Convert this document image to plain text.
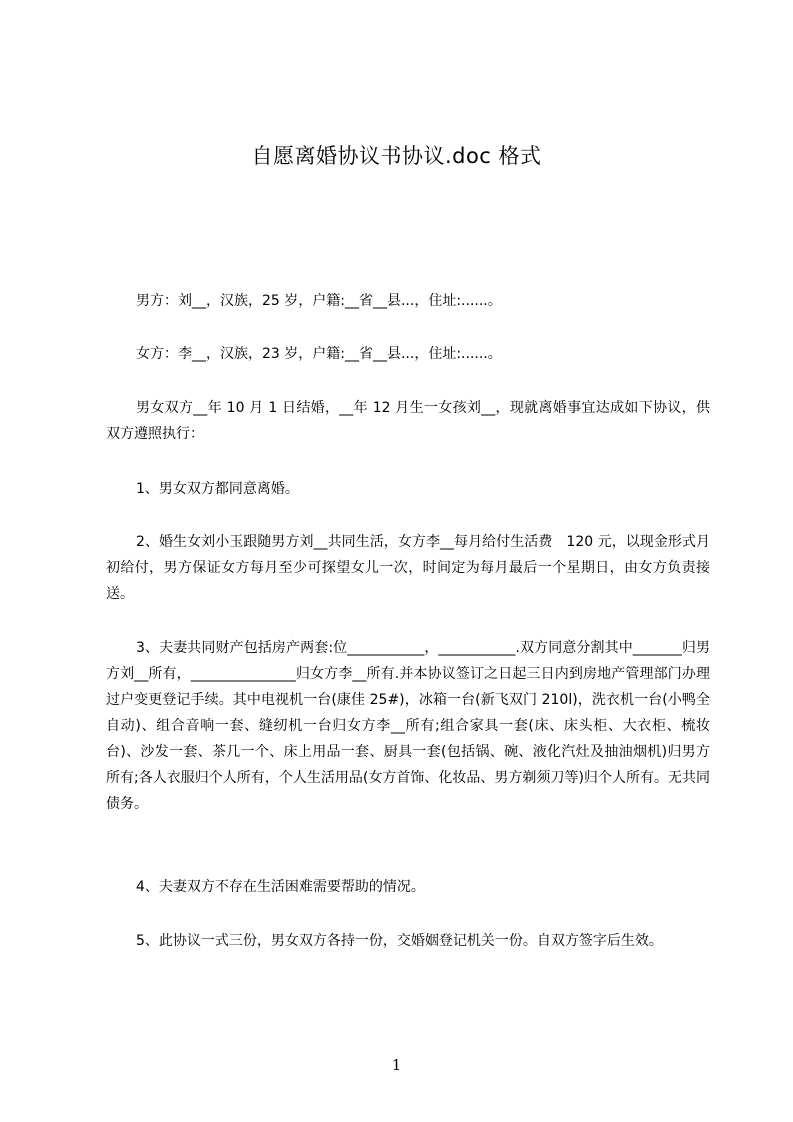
自愿离婚协议书协议.doc 格式
男方：刘__，汉族，25 岁，户籍:__省__县...，住址:......。
女方：李__，汉族，23 岁，户籍:__省__县...，住址:......。
男女双方__年 10 月 1 日结婚，__年 12 月生一女孩刘__，现就离婚事宜达成如下协议，供双方遵照执行：
1、男女双方都同意离婚。
2、婚生女刘小玉跟随男方刘__共同生活，女方李__每月给付生活费　120 元，以现金形式月初给付，男方保证女方每月至少可探望女儿一次，时间定为每月最后一个星期日，由女方负责接送。
3、夫妻共同财产包括房产两套:位___________，___________.双方同意分割其中_______归男方刘__所有，_______________归女方李__所有.并本协议签订之日起三日内到房地产管理部门办理过户变更登记手续。其中电视机一台(康佳 25#)，冰箱一台(新飞双门 210l)，洗衣机一台(小鸭全自动)、组合音响一套、缝纫机一台归女方李__所有;组合家具一套(床、床头柜、大衣柜、梳妆台)、沙发一套、茶几一个、床上用品一套、厨具一套(包括锅、碗、液化汽灶及抽油烟机)归男方所有;各人衣服归个人所有，个人生活用品(女方首饰、化妆品、男方剃须刀等)归个人所有。无共同债务。
4、夫妻双方不存在生活困难需要帮助的情况。
5、此协议一式三份，男女双方各持一份，交婚姻登记机关一份。自双方签字后生效。
1
